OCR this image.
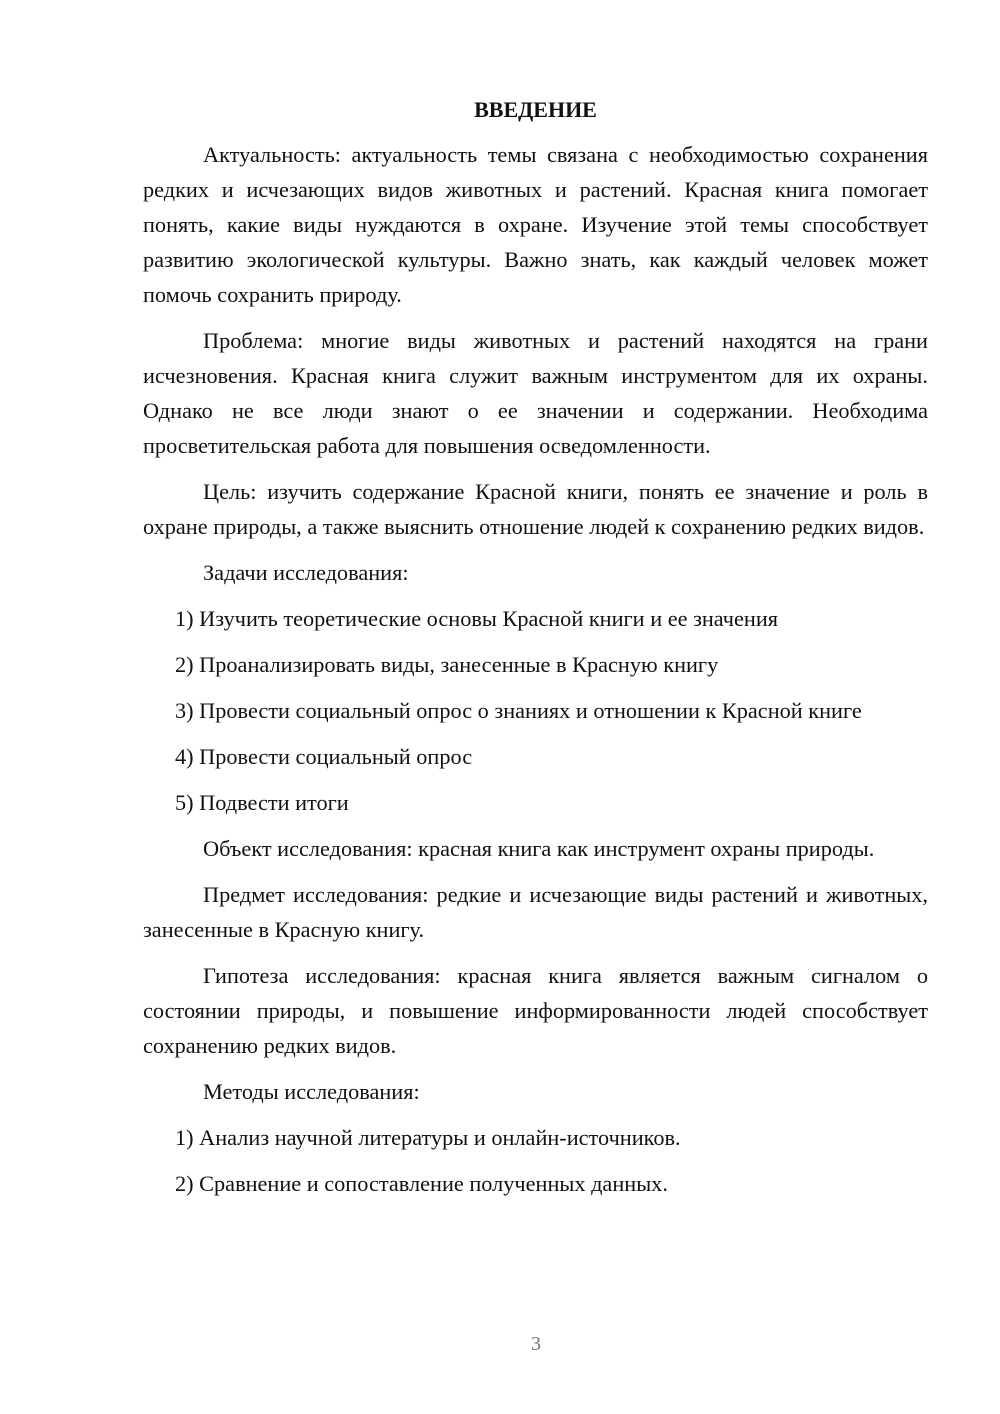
ВВЕДЕНИЕ

Актуальность: актуальность темы связана с необходимостью сохранения редких и исчезающих видов животных и растений. Красная книга помогает понять, какие виды нуждаются в охране. Изучение этой темы способствует развитию экологической культуры. Важно знать, как каждый человек может помочь сохранить природу.

Проблема: многие виды животных и растений находятся на грани исчезновения. Красная книга служит важным инструментом для их охраны. Однако не все люди знают о ее значении и содержании. Необходима просветительская работа для повышения осведомленности.

Цель: изучить содержание Красной книги, понять ее значение и роль в охране природы, а также выяснить отношение людей к сохранению редких видов.

Задачи исследования:

1) Изучить теоретические основы Красной книги и ее значения

2) Проанализировать виды, занесенные в Красную книгу

3) Провести социальный опрос о знаниях и отношении к Красной книге

4) Провести социальный опрос

5) Подвести итоги

Объект исследования: красная книга как инструмент охраны природы.

Предмет исследования: редкие и исчезающие виды растений и животных, занесенные в Красную книгу.

Гипотеза исследования: красная книга является важным сигналом о состоянии природы, и повышение информированности людей способствует сохранению редких видов.

Методы исследования:

1) Анализ научной литературы и онлайн-источников.

2) Сравнение и сопоставление полученных данных.

3
